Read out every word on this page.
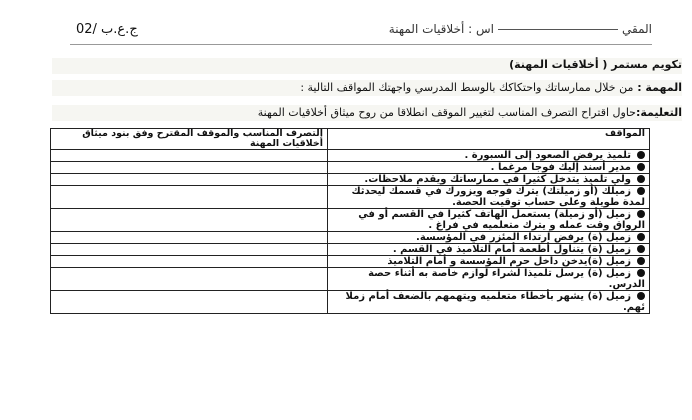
ج.ع.ب /02	المقياس : أخلاقيات المهنة
تكويم مستمر ( أخلاقيات المهنة)
المهمة : من خلال ممارساتك واحتكاكك بالوسط المدرسي واجهتك المواقف التالية :
التعليمة:حاول اقتراح التصرف المناسب لتغيير الموقف انطلاقا من روح ميثاق أخلاقيات المهنة
المواقف	التصرف المناسب والموقف المقترح وفق بنود ميثاق أخلاقيات المهنة
تلميذ يرفض الصعود إلى السبورة .	
مدير أسند إليك فوجا مرغما .	
ولي تلميذ يتدخل كثيرا في ممارساتك ويقدم ملاحظات.	
زميلك (أو زميلتك) يترك فوجه ويزورك في قسمك ليحدثك لمدة طويلة وعلى حساب توقيت الحصة.	
زميل (أو زميلة) يستعمل الهاتف كثيرا في القسم أو في الرواق وقت عمله و يترك متعلميه في فراغ .	
زميل (ة) يرفض ارتداء المئزر في المؤسسة.	
زميل (ة) يتناول أطعمة أمام التلاميذ في القسم .	
زميل (ة)يدخن داخل حرم المؤسسة و أمام التلاميذ	
زميل (ة) يرسل تلميذا لشراء لوازم خاصة به أثناء حصة الدرس.	
زميل (ة) يشهر بأخطاء متعلميه ويتهمهم بالضعف أمام زملا ئهم.	
